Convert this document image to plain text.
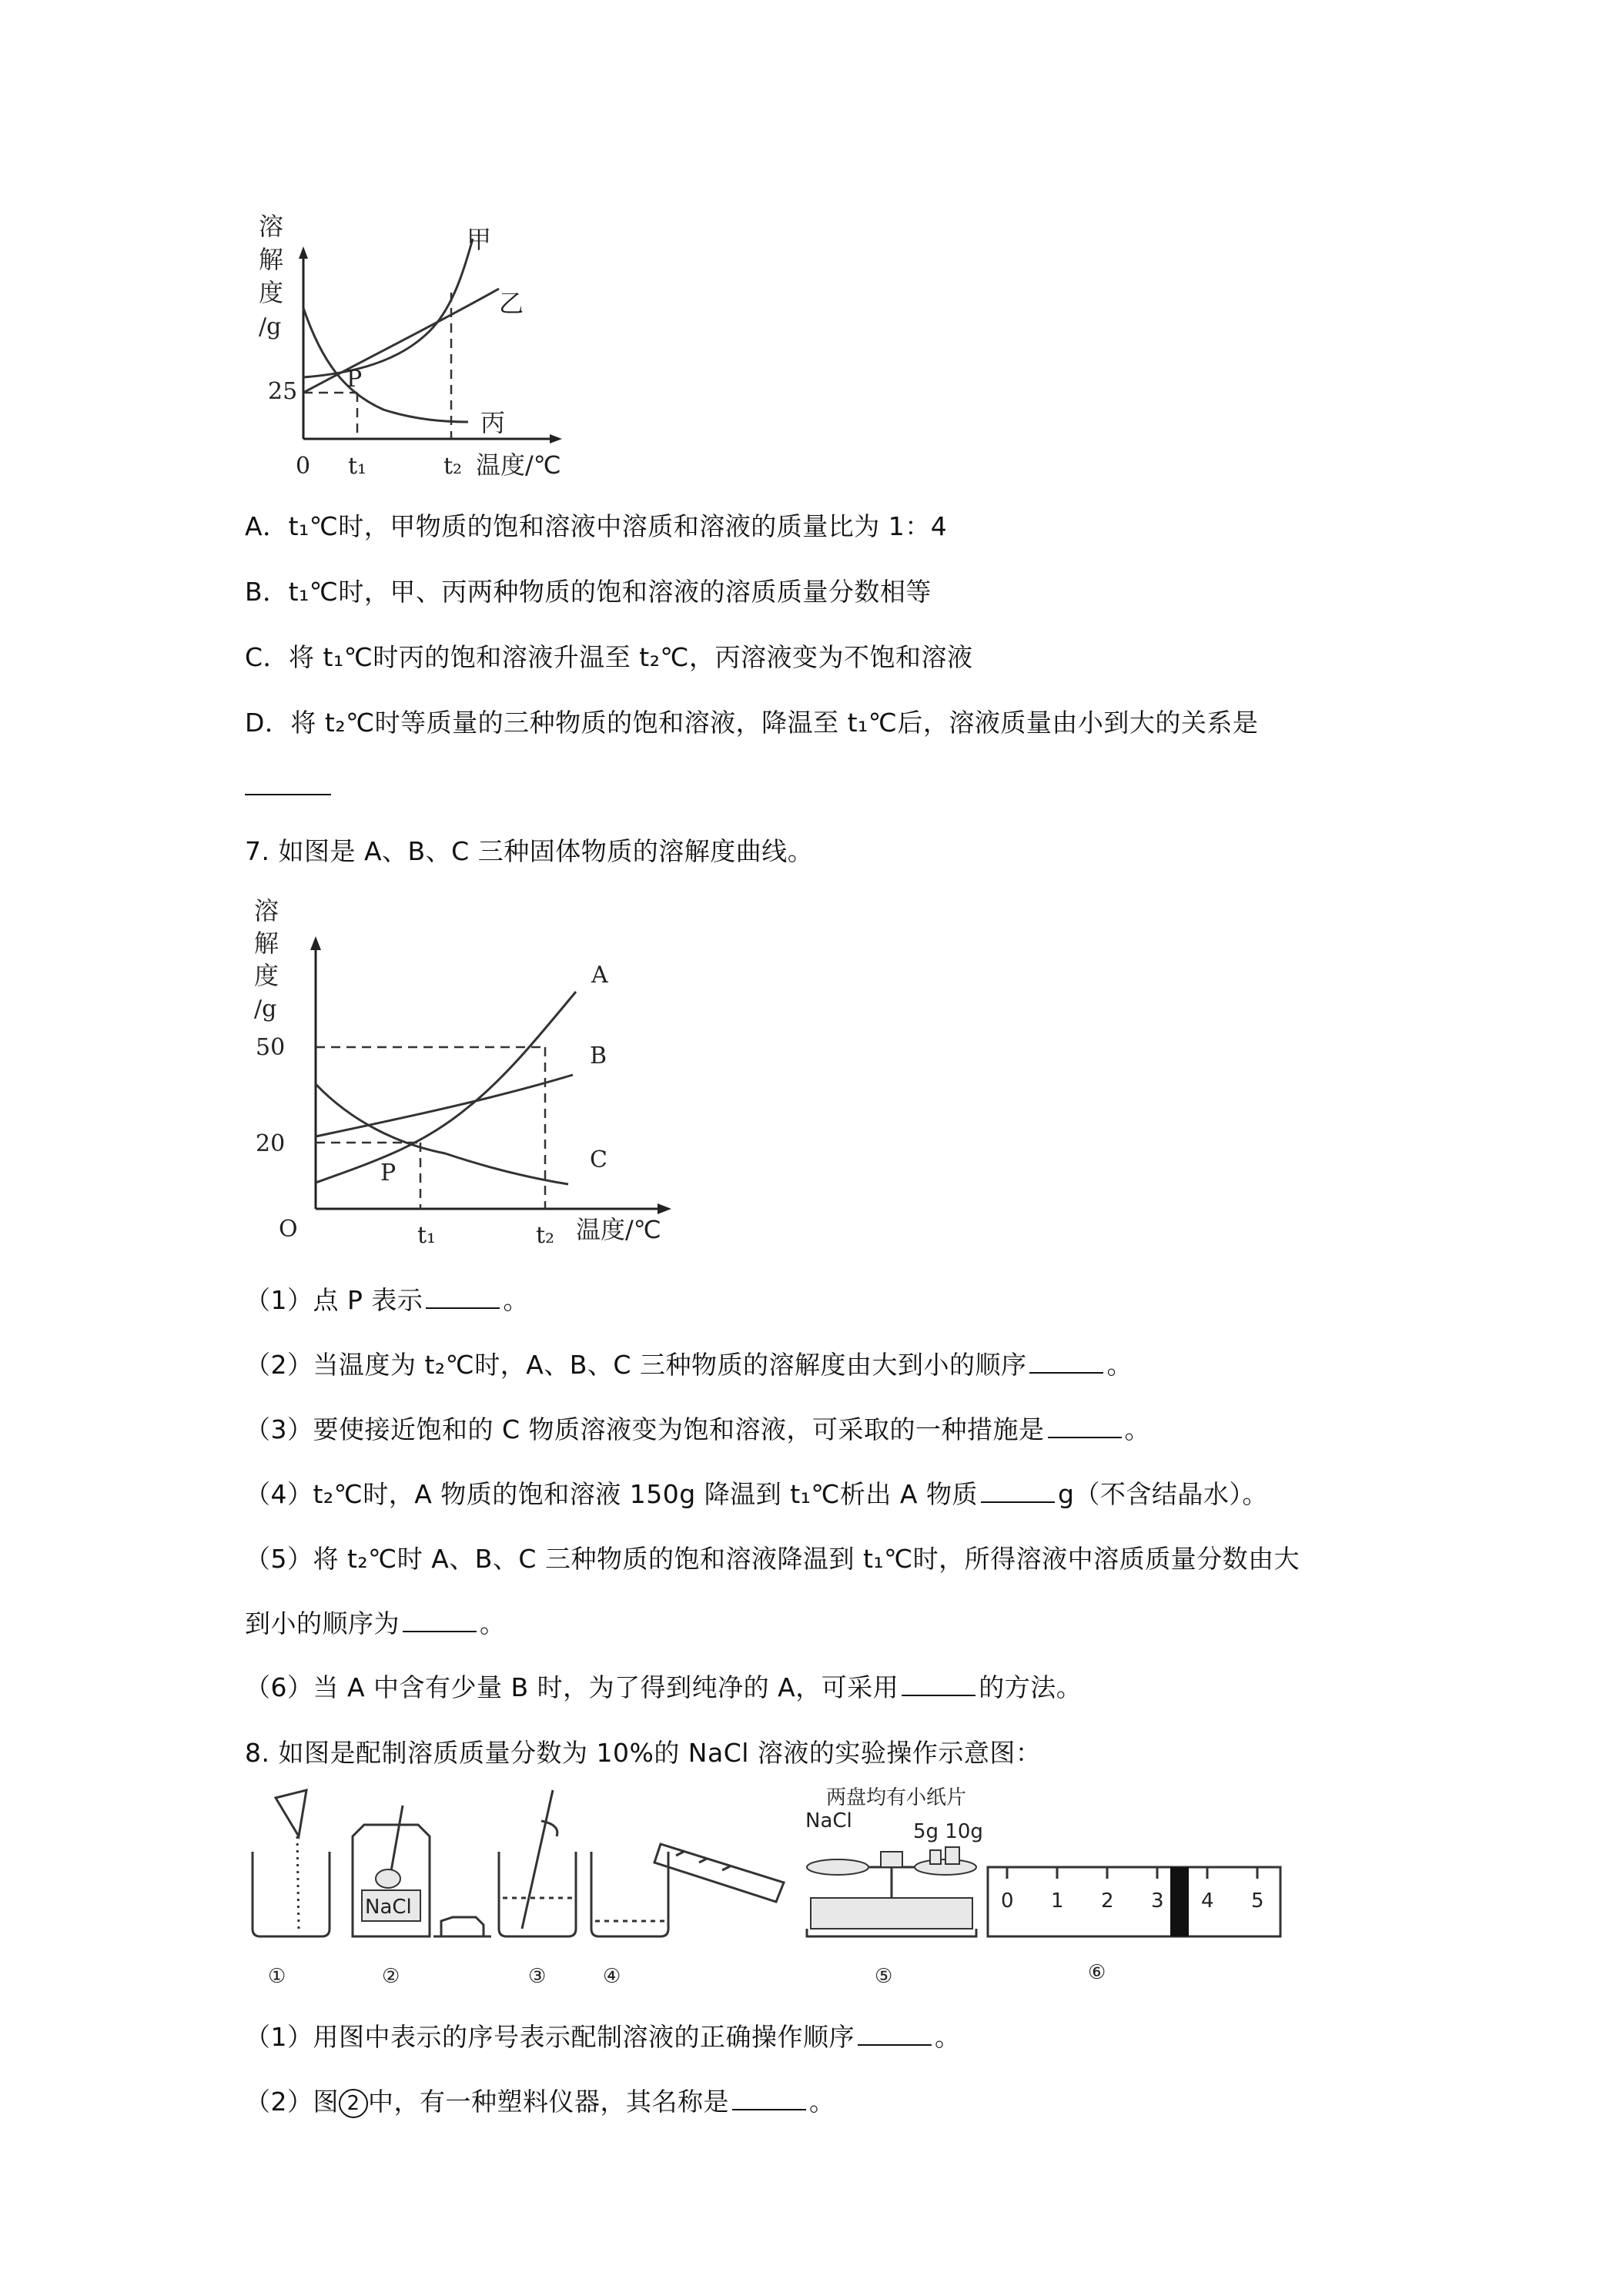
溶
解
度
/g
25
0 t₁	t₂ 温度/℃
P
甲
乙
丙
A．t₁℃时，甲物质的饱和溶液中溶质和溶液的质量比为 1：4
B．t₁℃时，甲、丙两种物质的饱和溶液的溶质质量分数相等
C．将 t₁℃时丙的饱和溶液升温至 t₂℃，丙溶液变为不饱和溶液
D．将 t₂℃时等质量的三种物质的饱和溶液，降温至 t₁℃后，溶液质量由小到大的关系是
7. 如图是 A、B、C 三种固体物质的溶解度曲线。
溶
解
度
/g
50
20
O	t₁	t₂ 温度/℃
P
A
B
C
（1）点 P 表示	。
（2）当温度为 t₂℃时，A、B、C 三种物质的溶解度由大到小的顺序	。
（3）要使接近饱和的 C 物质溶液变为饱和溶液，可采取的一种措施是	。
（4）t₂℃时，A 物质的饱和溶液 150g 降温到 t₁℃析出 A 物质	g（不含结晶水）。
（5）将 t₂℃时 A、B、C 三种物质的饱和溶液降温到 t₁℃时，所得溶液中溶质质量分数由大
到小的顺序为	。
（6）当 A 中含有少量 B 时，为了得到纯净的 A，可采用	的方法。
8. 如图是配制溶质质量分数为 10%的 NaCl 溶液的实验操作示意图：
NaCl
两盘均有小纸片
NaCl	5g 10g
0 1 2 3 4 5
①	②	③	④	⑤	⑥
（1）用图中表示的序号表示配制溶液的正确操作顺序	。
（2）图 2 中，有一种塑料仪器，其名称是	。
